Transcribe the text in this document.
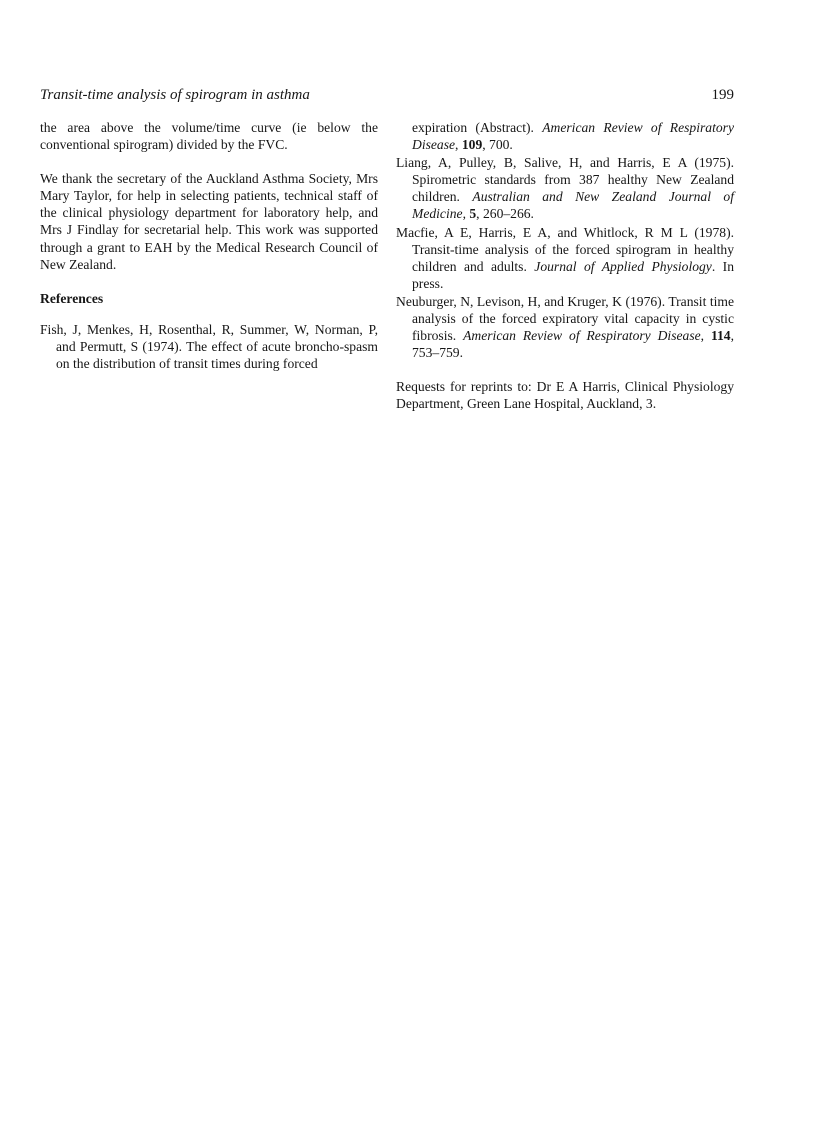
Transit-time analysis of spirogram in asthma	199

the area above the volume/time curve (ie below the conventional spirogram) divided by the FVC.

We thank the secretary of the Auckland Asthma Society, Mrs Mary Taylor, for help in selecting patients, technical staff of the clinical physiology department for laboratory help, and Mrs J Findlay for secretarial help. This work was supported through a grant to EAH by the Medical Research Council of New Zealand.

References

Fish, J, Menkes, H, Rosenthal, R, Summer, W, Norman, P, and Permutt, S (1974). The effect of acute broncho-spasm on the distribution of transit times during forced

expiration (Abstract). American Review of Respiratory Disease, 109, 700.

Liang, A, Pulley, B, Salive, H, and Harris, E A (1975). Spirometric standards from 387 healthy New Zealand children. Australian and New Zealand Journal of Medicine, 5, 260–266.

Macfie, A E, Harris, E A, and Whitlock, R M L (1978). Transit-time analysis of the forced spirogram in healthy children and adults. Journal of Applied Physiology. In press.

Neuburger, N, Levison, H, and Kruger, K (1976). Transit time analysis of the forced expiratory vital capacity in cystic fibrosis. American Review of Respiratory Disease, 114, 753–759.

Requests for reprints to: Dr E A Harris, Clinical Physiology Department, Green Lane Hospital, Auckland, 3.
